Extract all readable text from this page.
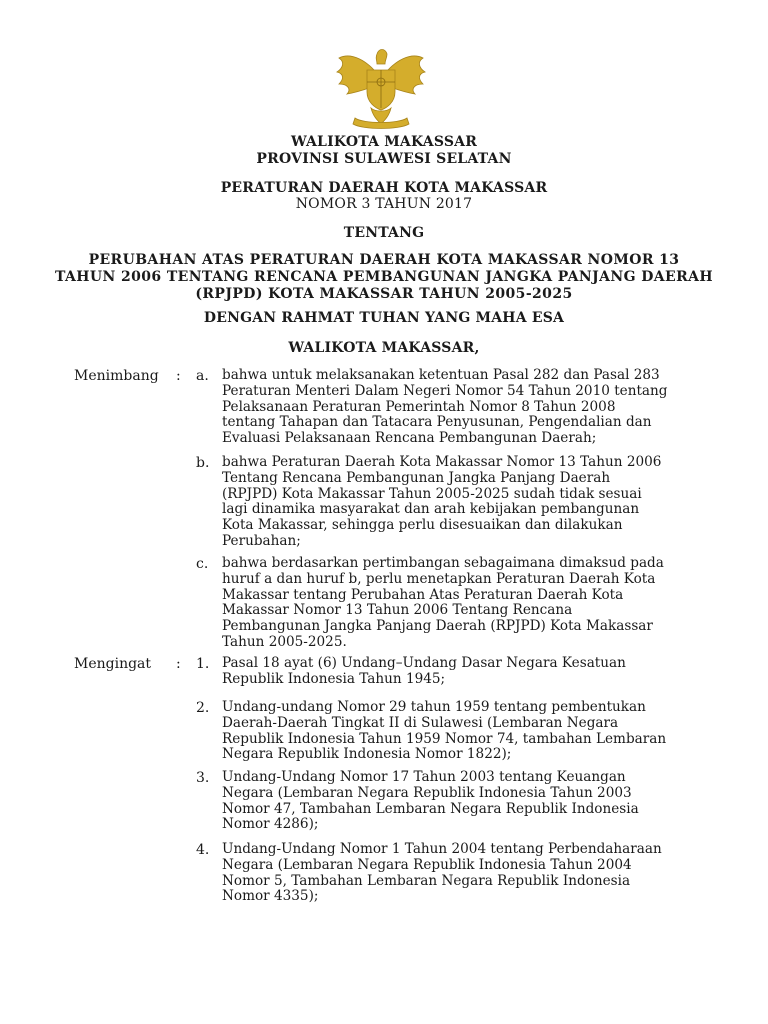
WALIKOTA MAKASSAR
PROVINSI SULAWESI SELATAN
PERATURAN DAERAH KOTA MAKASSAR
NOMOR 3 TAHUN 2017
TENTANG
PERUBAHAN ATAS PERATURAN DAERAH KOTA MAKASSAR NOMOR 13
TAHUN 2006 TENTANG RENCANA PEMBANGUNAN JANGKA PANJANG DAERAH
(RPJPD) KOTA MAKASSAR TAHUN 2005-2025
DENGAN RAHMAT TUHAN YANG MAHA ESA
WALIKOTA MAKASSAR,
Menimbang : a. bahwa untuk melaksanakan ketentuan Pasal 282 dan Pasal 283
Peraturan Menteri Dalam Negeri Nomor 54 Tahun 2010 tentang
Pelaksanaan Peraturan Pemerintah Nomor 8 Tahun 2008
tentang Tahapan dan Tatacara Penyusunan, Pengendalian dan
Evaluasi Pelaksanaan Rencana Pembangunan Daerah;
b. bahwa Peraturan Daerah Kota Makassar Nomor 13 Tahun 2006
Tentang Rencana Pembangunan Jangka Panjang Daerah
(RPJPD) Kota Makassar Tahun 2005-2025 sudah tidak sesuai
lagi dinamika masyarakat dan arah kebijakan pembangunan
Kota Makassar, sehingga perlu disesuaikan dan dilakukan
Perubahan;
c. bahwa berdasarkan pertimbangan sebagaimana dimaksud pada
huruf a dan huruf b, perlu menetapkan Peraturan Daerah Kota
Makassar tentang Perubahan Atas Peraturan Daerah Kota
Makassar Nomor 13 Tahun 2006 Tentang Rencana
Pembangunan Jangka Panjang Daerah (RPJPD) Kota Makassar
Tahun 2005-2025.
Mengingat : 1. Pasal 18 ayat (6) Undang–Undang Dasar Negara Kesatuan
Republik Indonesia Tahun 1945;
2. Undang-undang Nomor 29 tahun 1959 tentang pembentukan
Daerah-Daerah Tingkat II di Sulawesi (Lembaran Negara
Republik Indonesia Tahun 1959 Nomor 74, tambahan Lembaran
Negara Republik Indonesia Nomor 1822);
3. Undang-Undang Nomor 17 Tahun 2003 tentang Keuangan
Negara (Lembaran Negara Republik Indonesia Tahun 2003
Nomor 47, Tambahan Lembaran Negara Republik Indonesia
Nomor 4286);
4. Undang-Undang Nomor 1 Tahun 2004 tentang Perbendaharaan
Negara (Lembaran Negara Republik Indonesia Tahun 2004
Nomor 5, Tambahan Lembaran Negara Republik Indonesia
Nomor 4335);
